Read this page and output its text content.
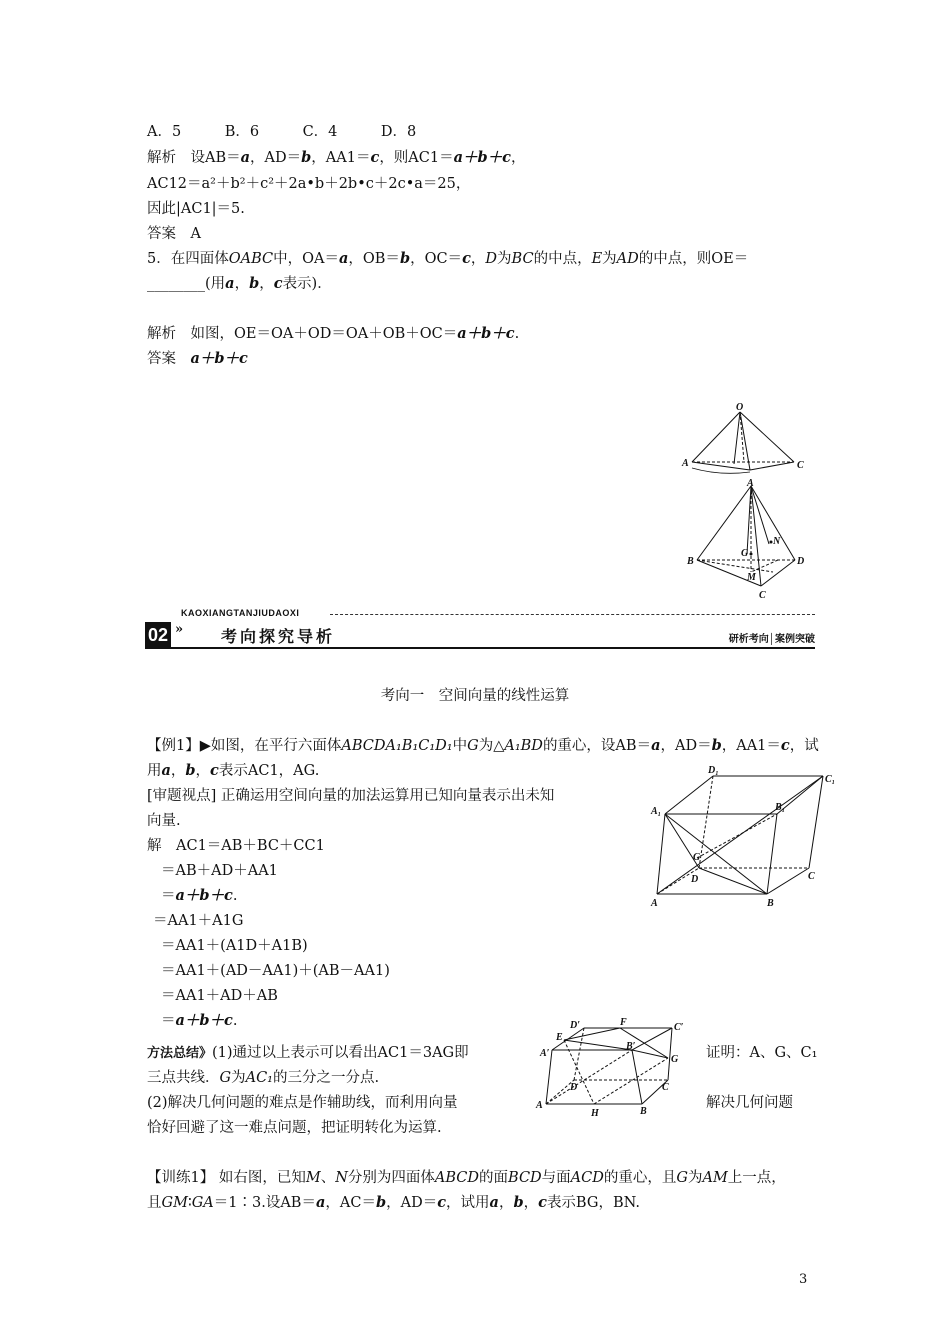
A．5　　　B．6　　　C．4　　　D．8
解析　设AB＝a，AD＝b，AA1＝c，则AC1＝a＋b＋c，
AC12＝a²＋b²＋c²＋2a•b＋2b•c＋2c•a＝25，
因此|AC1|＝5.
答案　A
5．在四面体OABC中，OA＝a，OB＝b，OC＝c，D为BC的中点，E为AD的中点，则OE＝
________(用a，b，c表示)．
解析　如图，OE＝OA＋OD＝OA＋OB＋OC＝a＋b＋c.
答案　a＋b＋c
O
A	C
A
B	D
C
G
N
M
02
KAOXIANGTANJIUDAOXI
» 考向探究导析	研析考向│案例突破
考向一　空间向量的线性运算
【例1】▶如图，在平行六面体ABCDA₁B₁C₁D₁中G为△A₁BD的重心，设AB＝a，AD＝b，AA1＝c，试
用a，b，c表示AC1，AG.
[审题视点] 正确运用空间向量的加法运算用已知向量表示出未知
向量.
解　AC1＝AB＋BC＋CC1
＝AB＋AD＋AA1
＝a＋b＋c.
＝AA1＋A1G
＝AA1＋(A1D＋A1B)
＝AA1＋(AD－AA1)＋(AB－AA1)
＝AA1＋AD＋AB
＝a＋b＋c.
D₁
C₁
A₁	B₁
G
D	C
A	B
方法总结》(1)通过以上表示可以看出AC1＝3AG即
三点共线．G为AC₁的三分之一分点.
(2)解决几何问题的难点是作辅助线，而利用向量
恰好回避了这一难点问题，把证明转化为运算.
证明：A、G、C₁
解决几何问题
D′	F	C′
E
A′
B′
G
D	C
A
H	B
【训练1】 如右图，已知M、N分别为四面体ABCD的面BCD与面ACD的重心，且G为AM上一点，
且GM∶GA＝1∶3.设AB＝a，AC＝b，AD＝c，试用a，b，c表示BG，BN.
3
